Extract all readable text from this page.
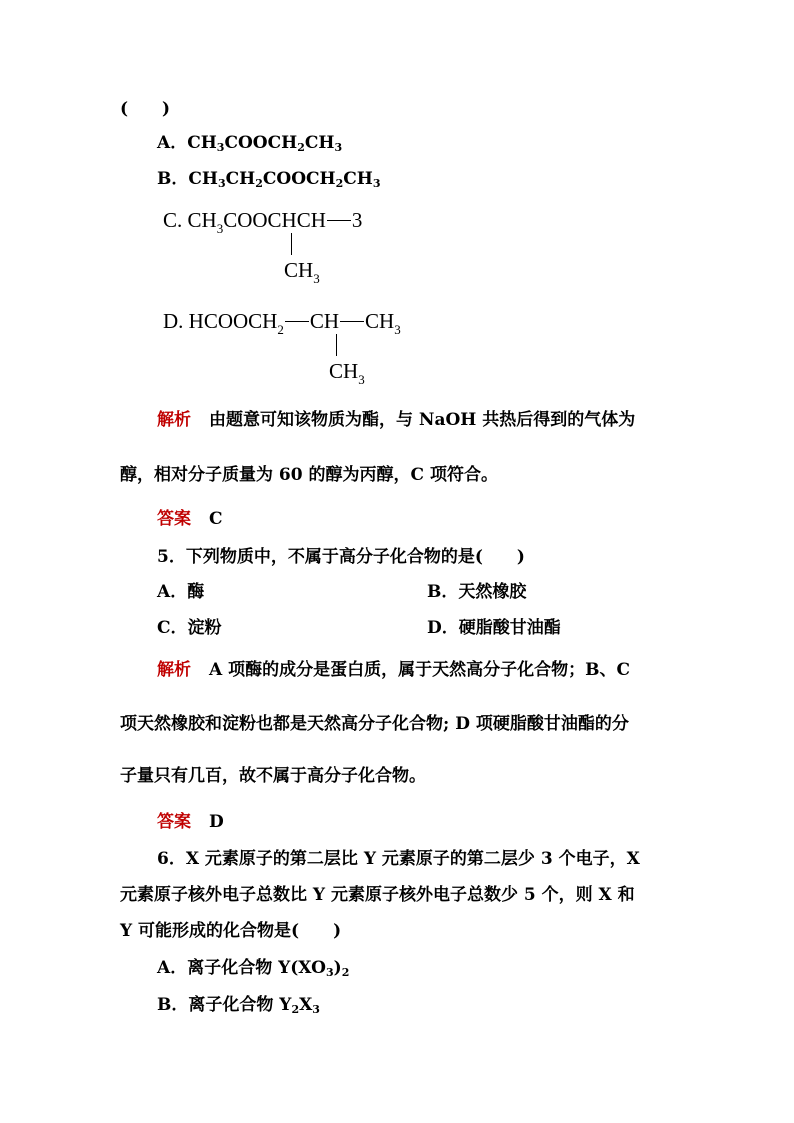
(　　)
A．$CH_3COOCH_2CH_3$
B．$CH_3CH_2COOCH_2CH_3$
C. $CH_3COOCHCH$ 3
$CH_3$
D. $HCOOCH_2$ CH $CH_3$
$CH_3$
解析 由题意可知该物质为酯，与 NaOH 共热后得到的气体为
醇，相对分子质量为 60 的醇为丙醇，C 项符合。
答案 C
5．下列物质中，不属于高分子化合物的是(　　)
A．酶	B．天然橡胶
C．淀粉	D．硬脂酸甘油酯
解析 A 项酶的成分是蛋白质，属于天然高分子化合物；B、C
项天然橡胶和淀粉也都是天然高分子化合物; D 项硬脂酸甘油酯的分
子量只有几百，故不属于高分子化合物。
答案 D
6．X 元素原子的第二层比 Y 元素原子的第二层少 3 个电子，X
元素原子核外电子总数比 Y 元素原子核外电子总数少 5 个，则 X 和
Y 可能形成的化合物是(　　)
A．离子化合物 $Y(XO_3)_2$
B．离子化合物 $Y_2X_3$
